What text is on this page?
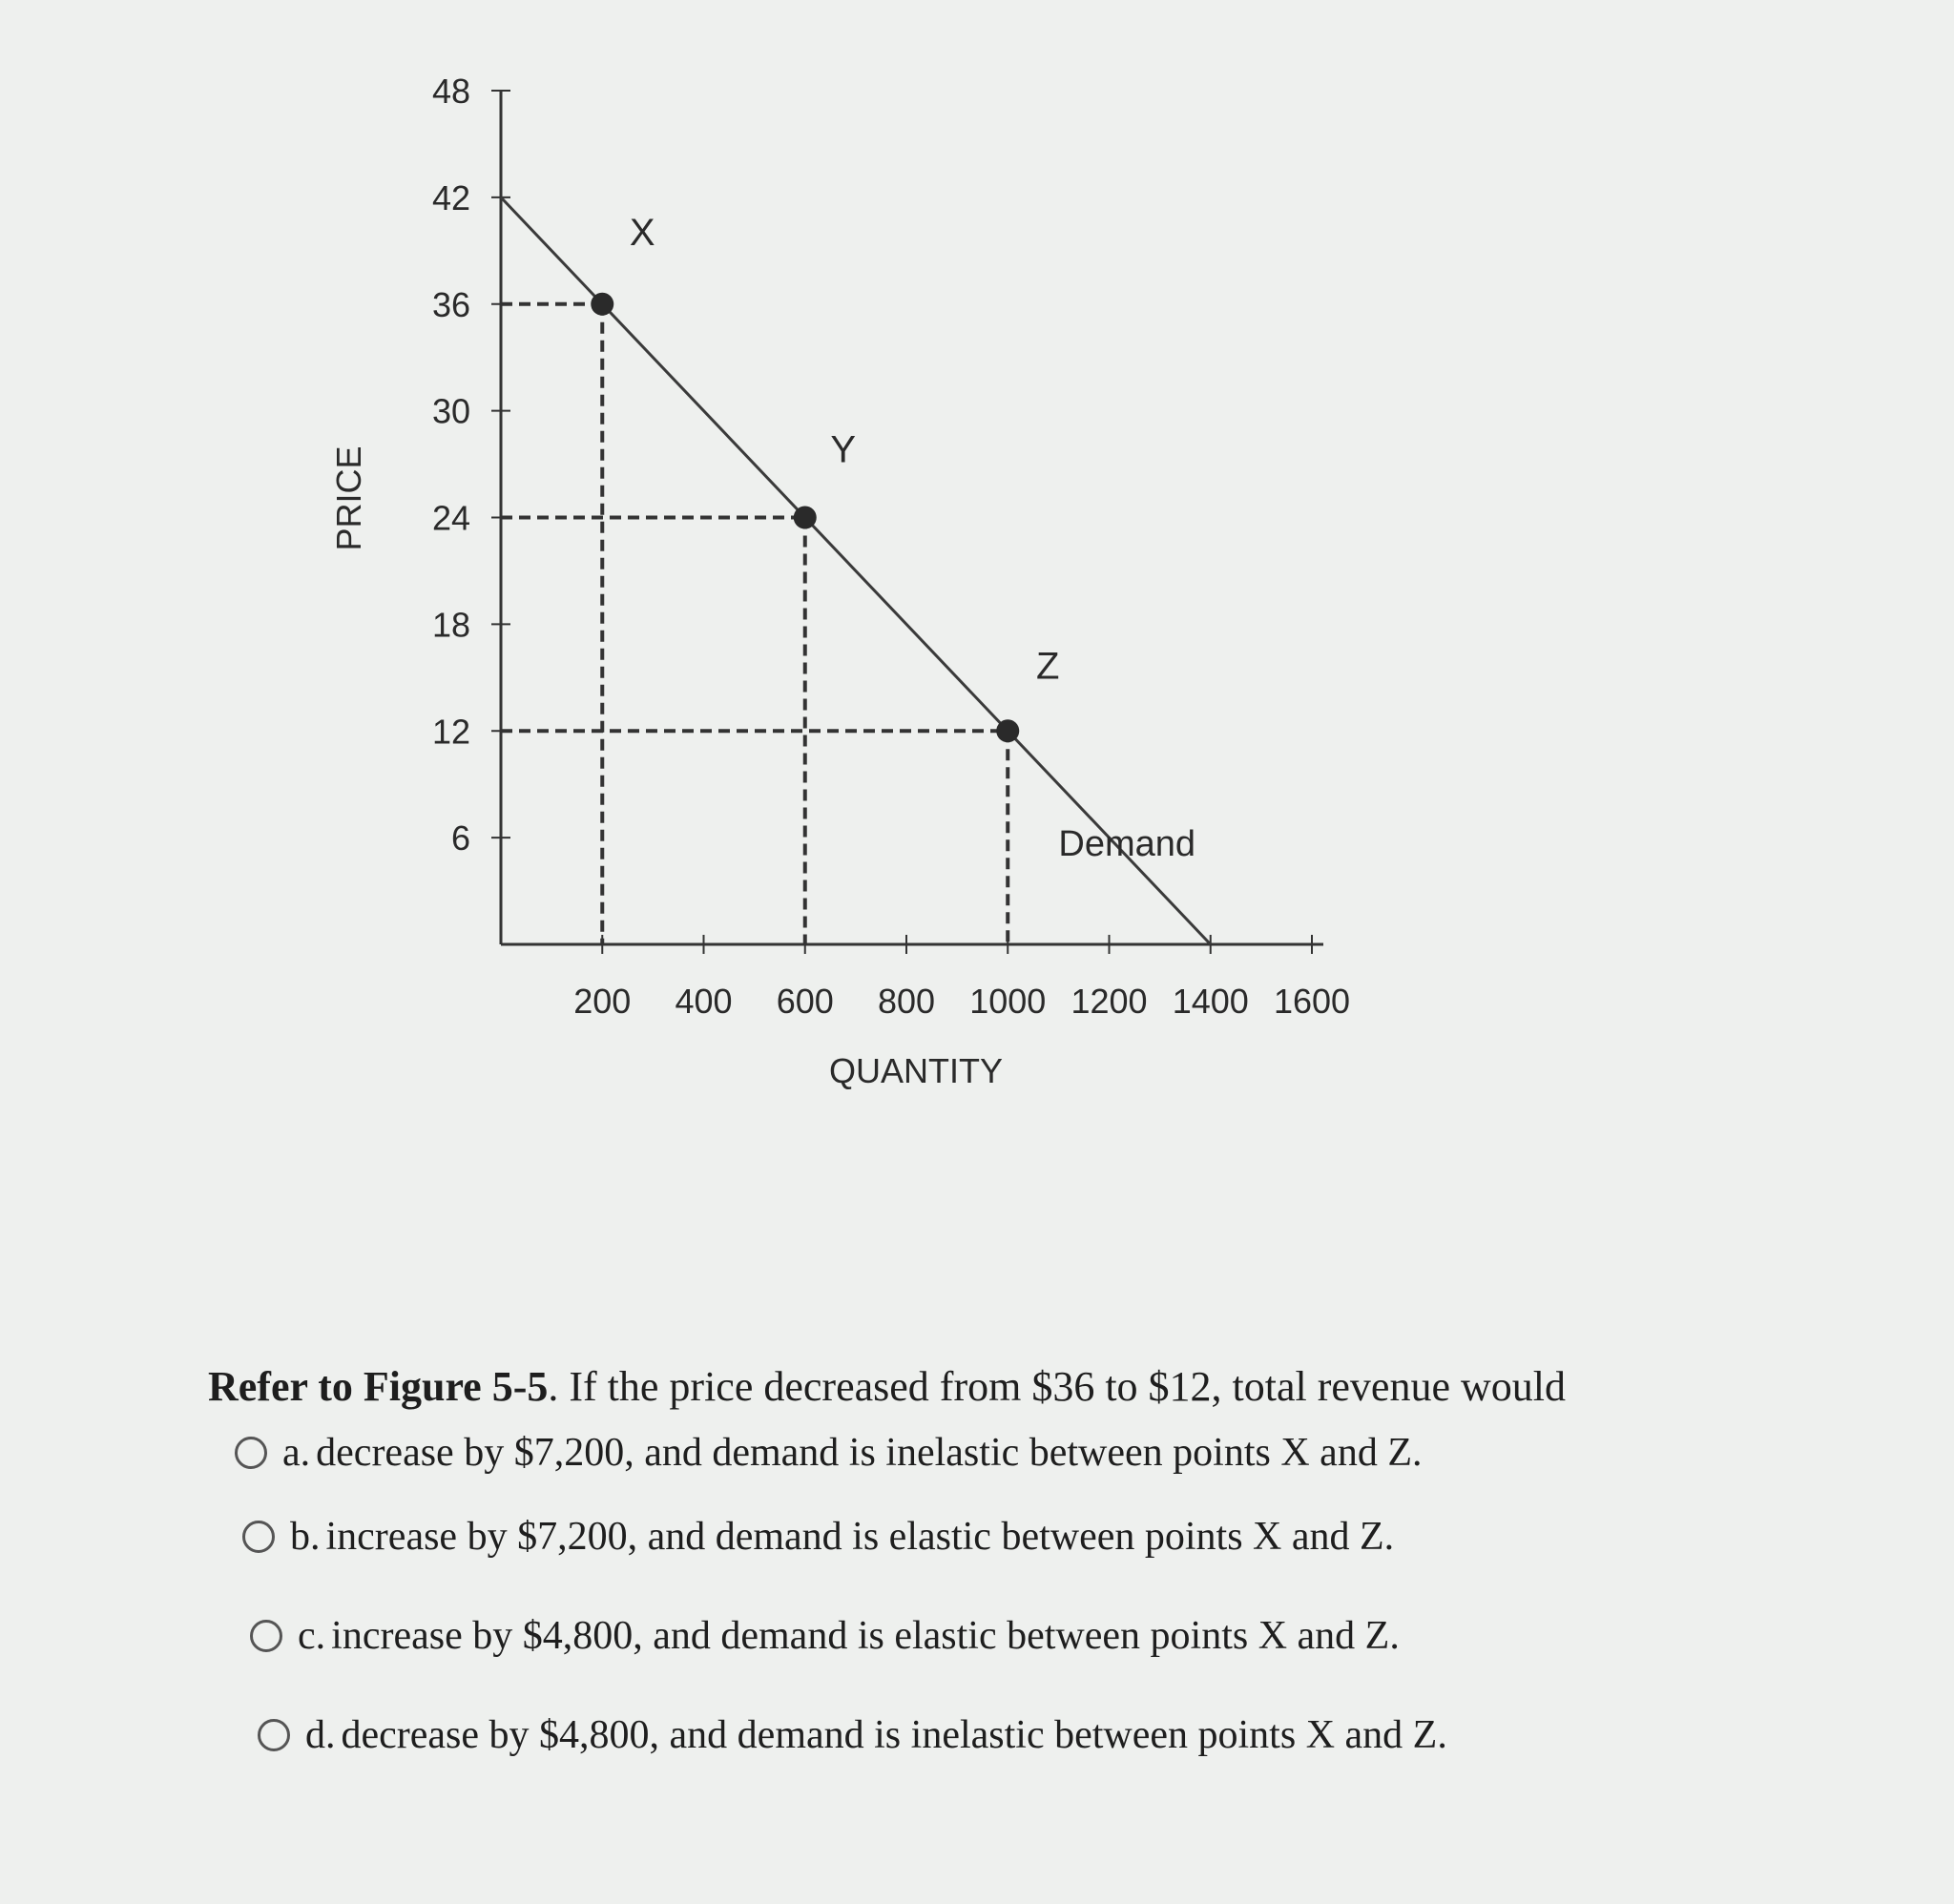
6
12
18
24
30
36
42
48
200 400 600 800 1000 1200 1400 1600
QUANTITY
PRICE
X
Y
Z
Demand

Refer to Figure 5-5. If the price decreased from $36 to $12, total revenue would

a. decrease by $7,200, and demand is inelastic between points X and Z.
b. increase by $7,200, and demand is elastic between points X and Z.
c. increase by $4,800, and demand is elastic between points X and Z.
d. decrease by $4,800, and demand is inelastic between points X and Z.
